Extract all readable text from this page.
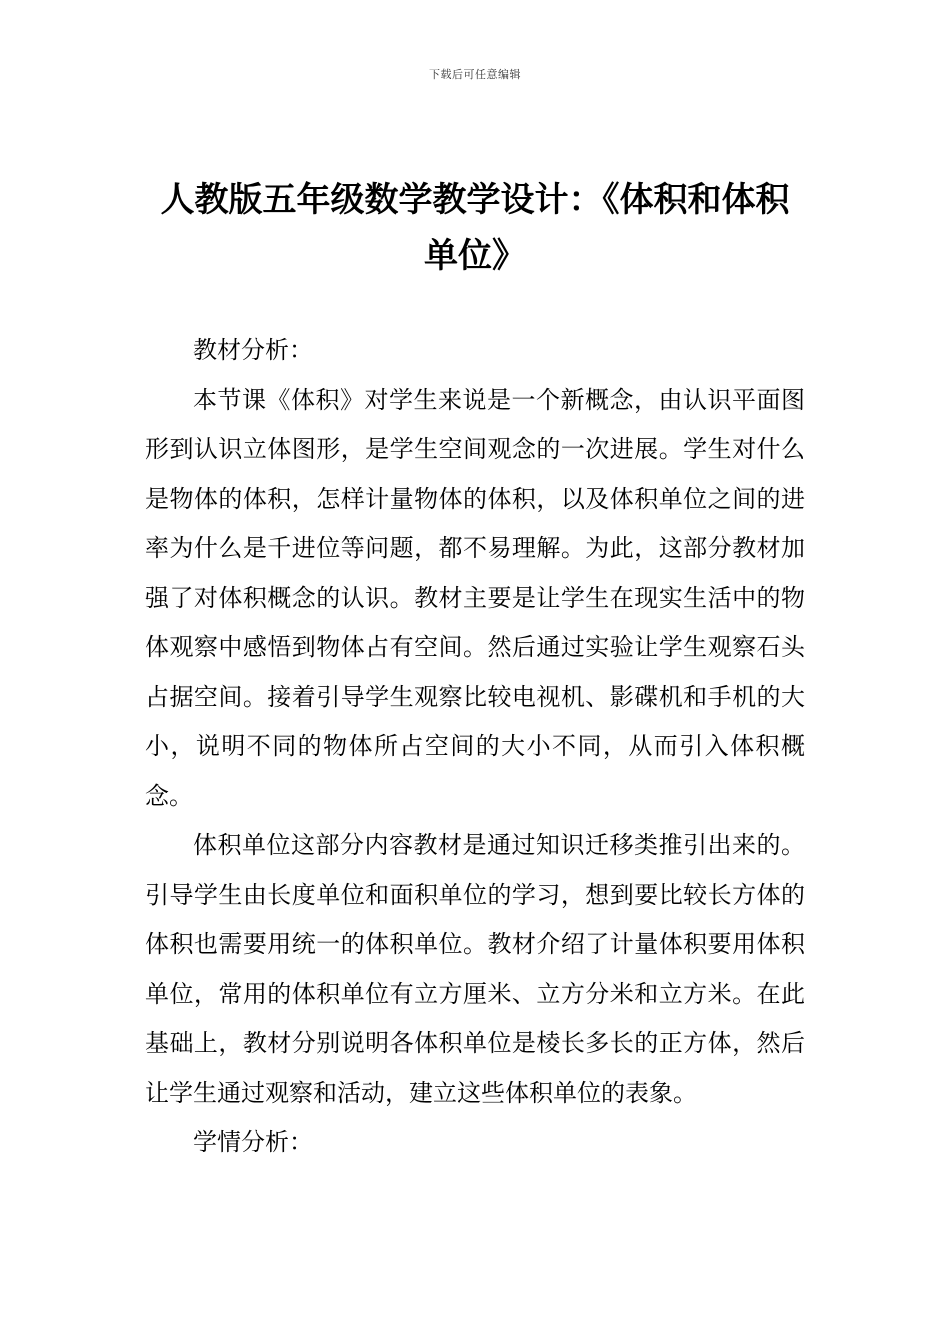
下载后可任意编辑
人教版五年级数学教学设计：《体积和体积单位》

教材分析：

本节课《体积》对学生来说是一个新概念，由认识平面图形到认识立体图形，是学生空间观念的一次进展。学生对什么是物体的体积，怎样计量物体的体积，以及体积单位之间的进率为什么是千进位等问题，都不易理解。为此，这部分教材加强了对体积概念的认识。教材主要是让学生在现实生活中的物体观察中感悟到物体占有空间。然后通过实验让学生观察石头占据空间。接着引导学生观察比较电视机、影碟机和手机的大小，说明不同的物体所占空间的大小不同，从而引入体积概念。

体积单位这部分内容教材是通过知识迁移类推引出来的。引导学生由长度单位和面积单位的学习，想到要比较长方体的体积也需要用统一的体积单位。教材介绍了计量体积要用体积单位，常用的体积单位有立方厘米、立方分米和立方米。在此基础上，教材分别说明各体积单位是棱长多长的正方体，然后让学生通过观察和活动，建立这些体积单位的表象。

学情分析：
